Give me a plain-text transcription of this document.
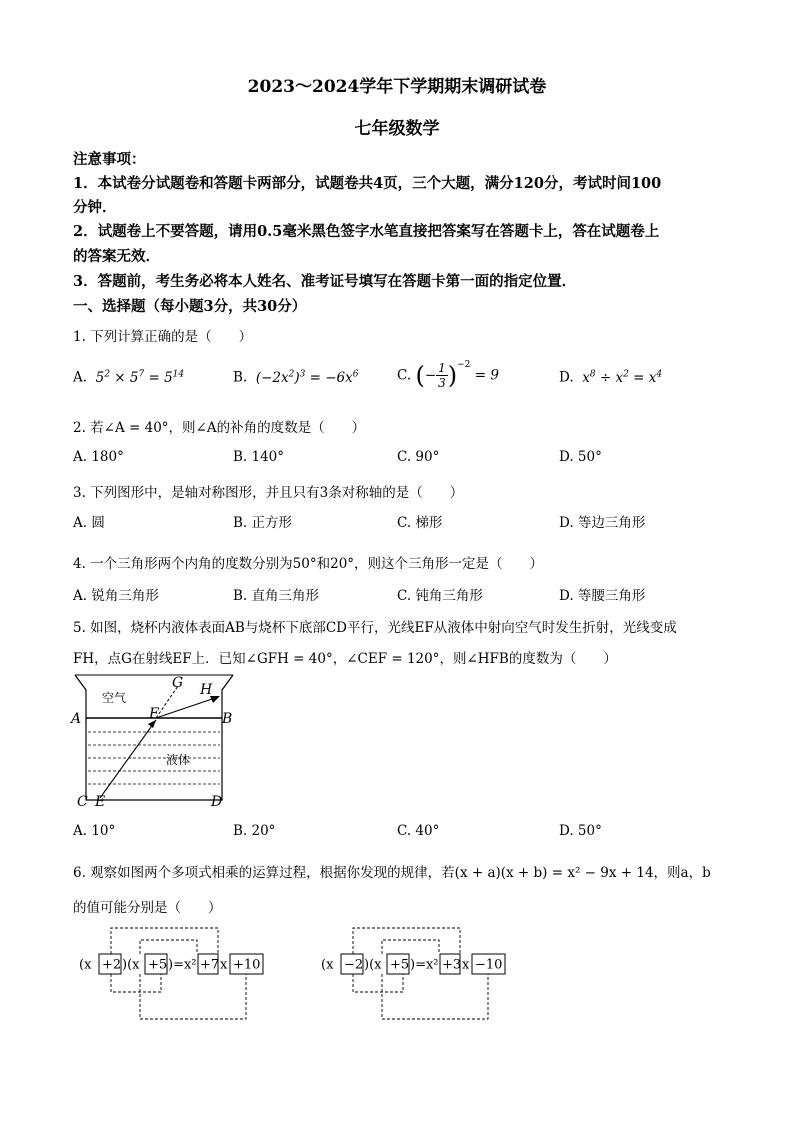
2023～2024学年下学期期末调研试卷
七年级数学
注意事项：
1．本试卷分试题卷和答题卡两部分，试题卷共4页，三个大题，满分120分，考试时间100
分钟．
2．试题卷上不要答题，请用0.5毫米黑色签字水笔直接把答案写在答题卡上，答在试题卷上
的答案无效．
3．答题前，考生务必将本人姓名、准考证号填写在答题卡第一面的指定位置．
一、选择题（每小题3分，共30分）
1. 下列计算正确的是（　　）
A. $5^2 \times 5^7 = 5^{14}$	B. $(-2x^2)^3 = -6x^6$	C. (− $\frac{1}{3} )^{-2} = 9$	D. $x^8 \div x^2 = x^4$
2. 若∠A = 40°，则∠A的补角的度数是（　　）
A. 180°	B. 140°	C. 90°	D. 50°
3. 下列图形中，是轴对称图形，并且只有3条对称轴的是（　　）
A. 圆	B. 正方形	C. 梯形	D. 等边三角形
4. 一个三角形两个内角的度数分别为50°和20°，则这个三角形一定是（　　）
A. 锐角三角形	B. 直角三角形	C. 钝角三角形	D. 等腰三角形
5. 如图，烧杯内液体表面AB与烧杯下底部CD平行，光线EF从液体中射向空气时发生折射，光线变成
FH，点G在射线EF上．已知∠GFH = 40°，∠CEF = 120°，则∠HFB的度数为（　　）
空气
液体
A	B
C	D
E
F
G H
A. 10°	B. 20°	C. 40°	D. 50°
6. 观察如图两个多项式相乘的运算过程，根据你发现的规律，若(x + a)(x + b) = x² − 9x + 14，则a，b
的值可能分别是（　　）
(x +2 )(x +5 )=x² +7 x +10	(x −2 )(x +5 )=x² +3 x −10
